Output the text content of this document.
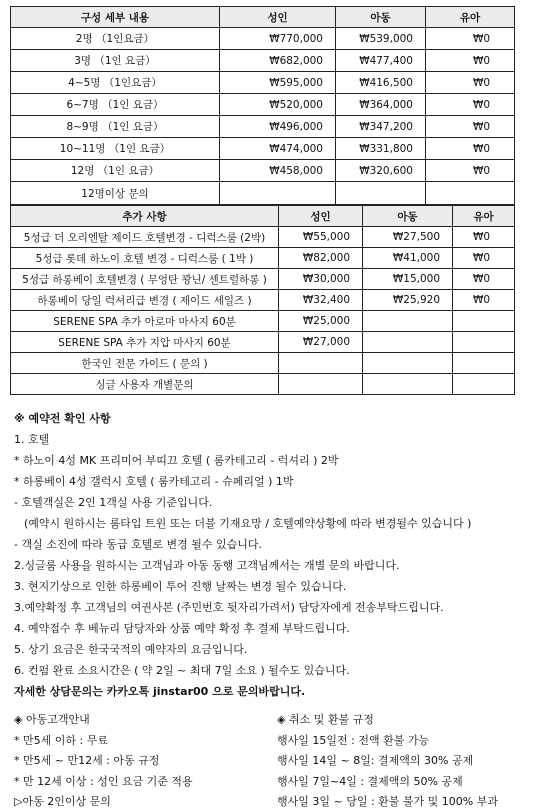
구성 세부 내용	성인	아동	유아
2명 （1인요금）	₩770,000	₩539,000	₩0
3명 （1인 요금）	₩682,000	₩477,400	₩0
4~5명 （1인요금）	₩595,000	₩416,500	₩0
6~7명 （1인 요금）	₩520,000	₩364,000	₩0
8~9명 （1인 요금）	₩496,000	₩347,200	₩0
10~11명 （1인 요금）	₩474,000	₩331,800	₩0
12명 （1인 요금）	₩458,000	₩320,600	₩0
12명이상 문의			
추가 사항	성인	아동	유아
5성급 더 오리엔탈 제이드 호텔변경 - 디럭스룸 (2박)	₩55,000	₩27,500	₩0
5성급 롯데 하노이 호텔 변경 - 디럭스룸 ( 1박 )	₩82,000	₩41,000	₩0
5성급 하롱베이 호텔변경 ( 무엉탄 꽝닌/ 센트럴하롱 )	₩30,000	₩15,000	₩0
하롱베이 당일 럭셔리급 변경 ( 제이드 세일즈 )	₩32,400	₩25,920	₩0
SERENE SPA 추가 아로마 마사지 60분	₩25,000		
SERENE SPA 추가 지압 마사지 60분	₩27,000		
한국인 전문 가이드 ( 문의 )			
싱글 사용자 개별문의			
※ 예약전 확인 사항
1. 호텔
* 하노이 4성 MK 프리미어 부띠끄 호텔 ( 룸카테고리 - 럭셔리 ) 2박
* 하롱베이 4성 갤럭시 호텔 ( 룸카테고리 - 슈페리얼 ) 1박
- 호텔객실은 2인 1객실 사용 기준입니다.
(예약시 원하시는 룸타입 트윈 또는 더블 기재요망 / 호텔예약상황에 따라 변경될수 있습니다 )
- 객실 소진에 따라 동급 호텔로 변경 될수 있습니다.
2.싱글룸 사용을 원하시는 고객님과 아동 동행 고객님께서는 개별 문의 바랍니다.
3. 현지기상으로 인한 하롱베이 투어 진행 날짜는 변경 될수 있습니다.
3.예약확정 후 고객님의 여권사본 (주민번호 뒷자리가려서) 담당자에게 전송부탁드립니다.
4. 예약접수 후 베뉴리 담당자와 상품 예약 확정 후 결제 부탁드립니다.
5. 상기 요금은 한국국적의 예약자의 요금입니다.
6. 컨펌 완료 소요시간은 ( 약 2일 ~ 최대 7일 소요 ) 될수도 있습니다.
자세한 상담문의는 카카오톡 jinstar00 으로 문의바랍니다.
◈ 아동고객안내
* 만5세 이하 : 무료
* 만5세 ~ 만12세 : 아동 규정
* 만 12세 이상 : 성인 요금 기준 적용
▷아동 2인이상 문의
◈ 취소 및 환불 규정
행사일 15일전 : 전액 환불 가능
행사일 14일 ~ 8일: 결제액의 30% 공제
행사일 7일~4일 : 결제액의 50% 공제
행사일 3일 ~ 당일 : 환불 불가 및 100% 부과
